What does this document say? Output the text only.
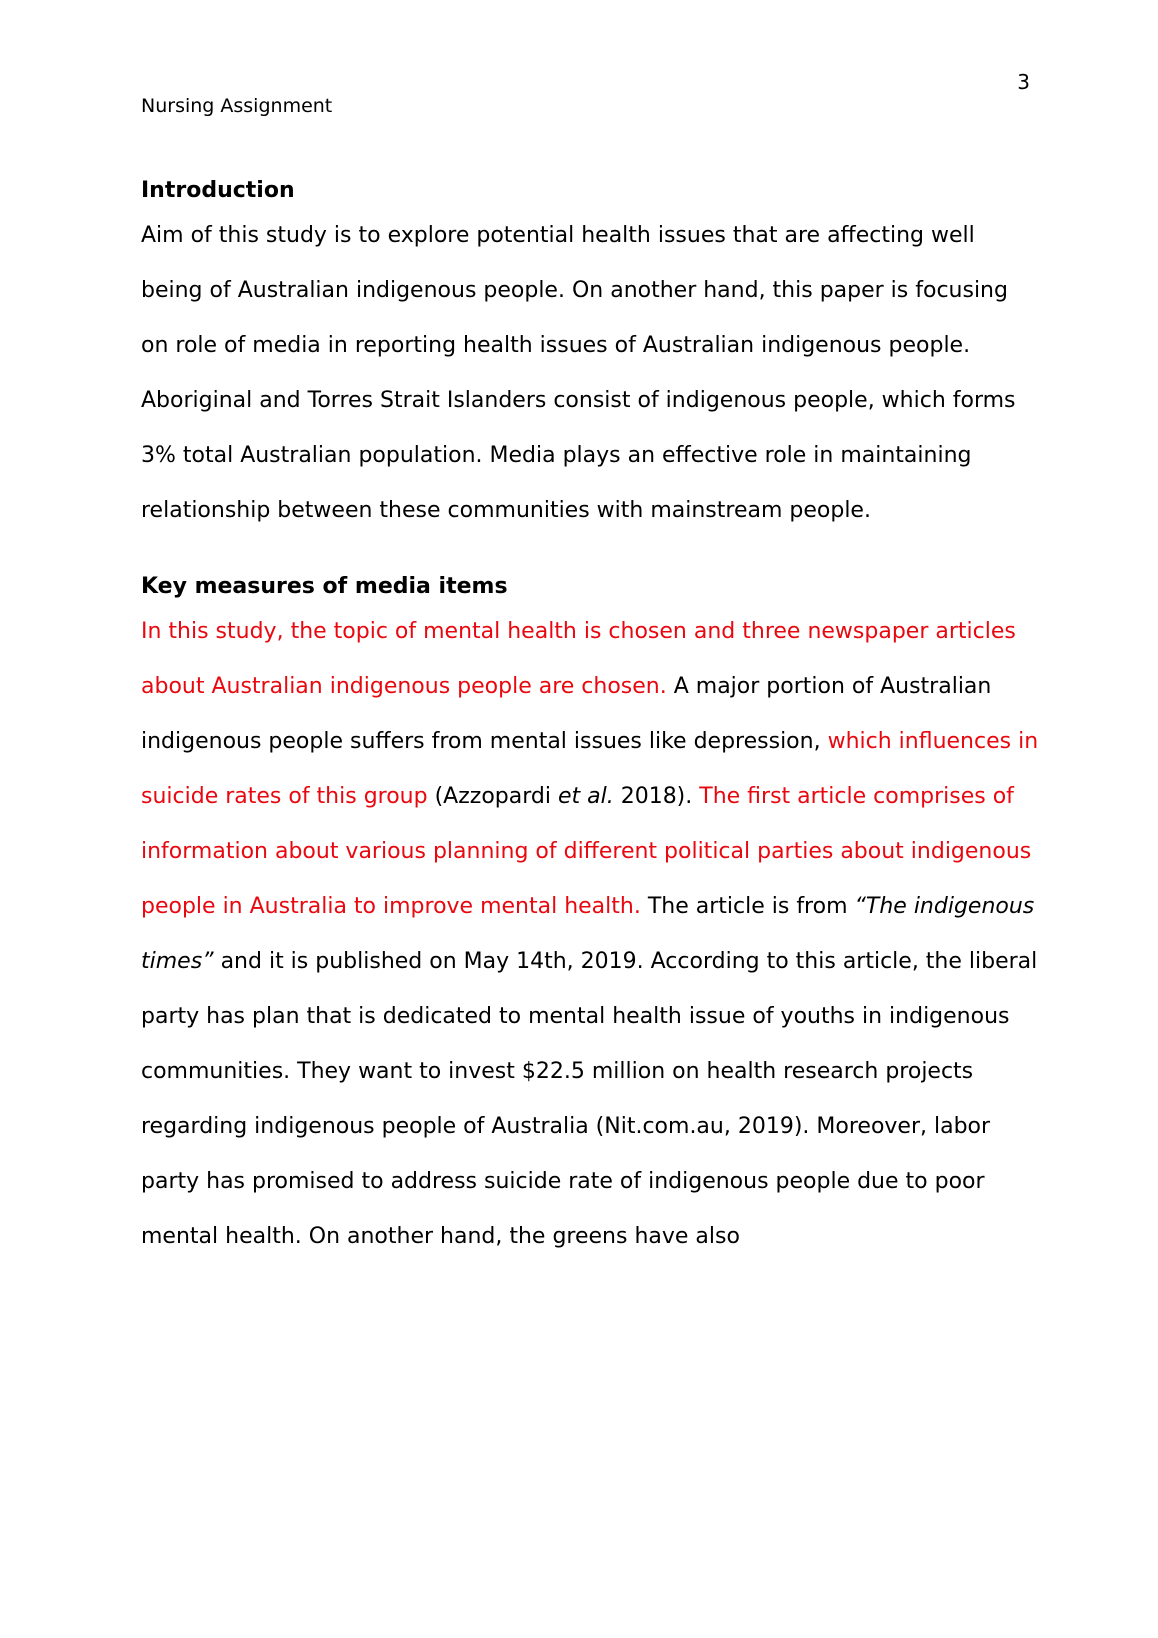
3
Nursing Assignment
Introduction

Aim of this study is to explore potential health issues that are affecting well being of Australian indigenous people. On another hand, this paper is focusing on role of media in reporting health issues of Australian indigenous people. Aboriginal and Torres Strait Islanders consist of indigenous people, which forms 3% total Australian population. Media plays an effective role in maintaining relationship between these communities with mainstream people.

Key measures of media items

In this study, the topic of mental health is chosen and three newspaper articles about Australian indigenous people are chosen. A major portion of Australian indigenous people suffers from mental issues like depression, which influences in suicide rates of this group (Azzopardi et al. 2018). The first article comprises of information about various planning of different political parties about indigenous people in Australia to improve mental health. The article is from “The indigenous times” and it is published on May 14th, 2019. According to this article, the liberal party has plan that is dedicated to mental health issue of youths in indigenous communities. They want to invest $22.5 million on health research projects regarding indigenous people of Australia (Nit.com.au, 2019). Moreover, labor party has promised to address suicide rate of indigenous people due to poor mental health. On another hand, the greens have also
